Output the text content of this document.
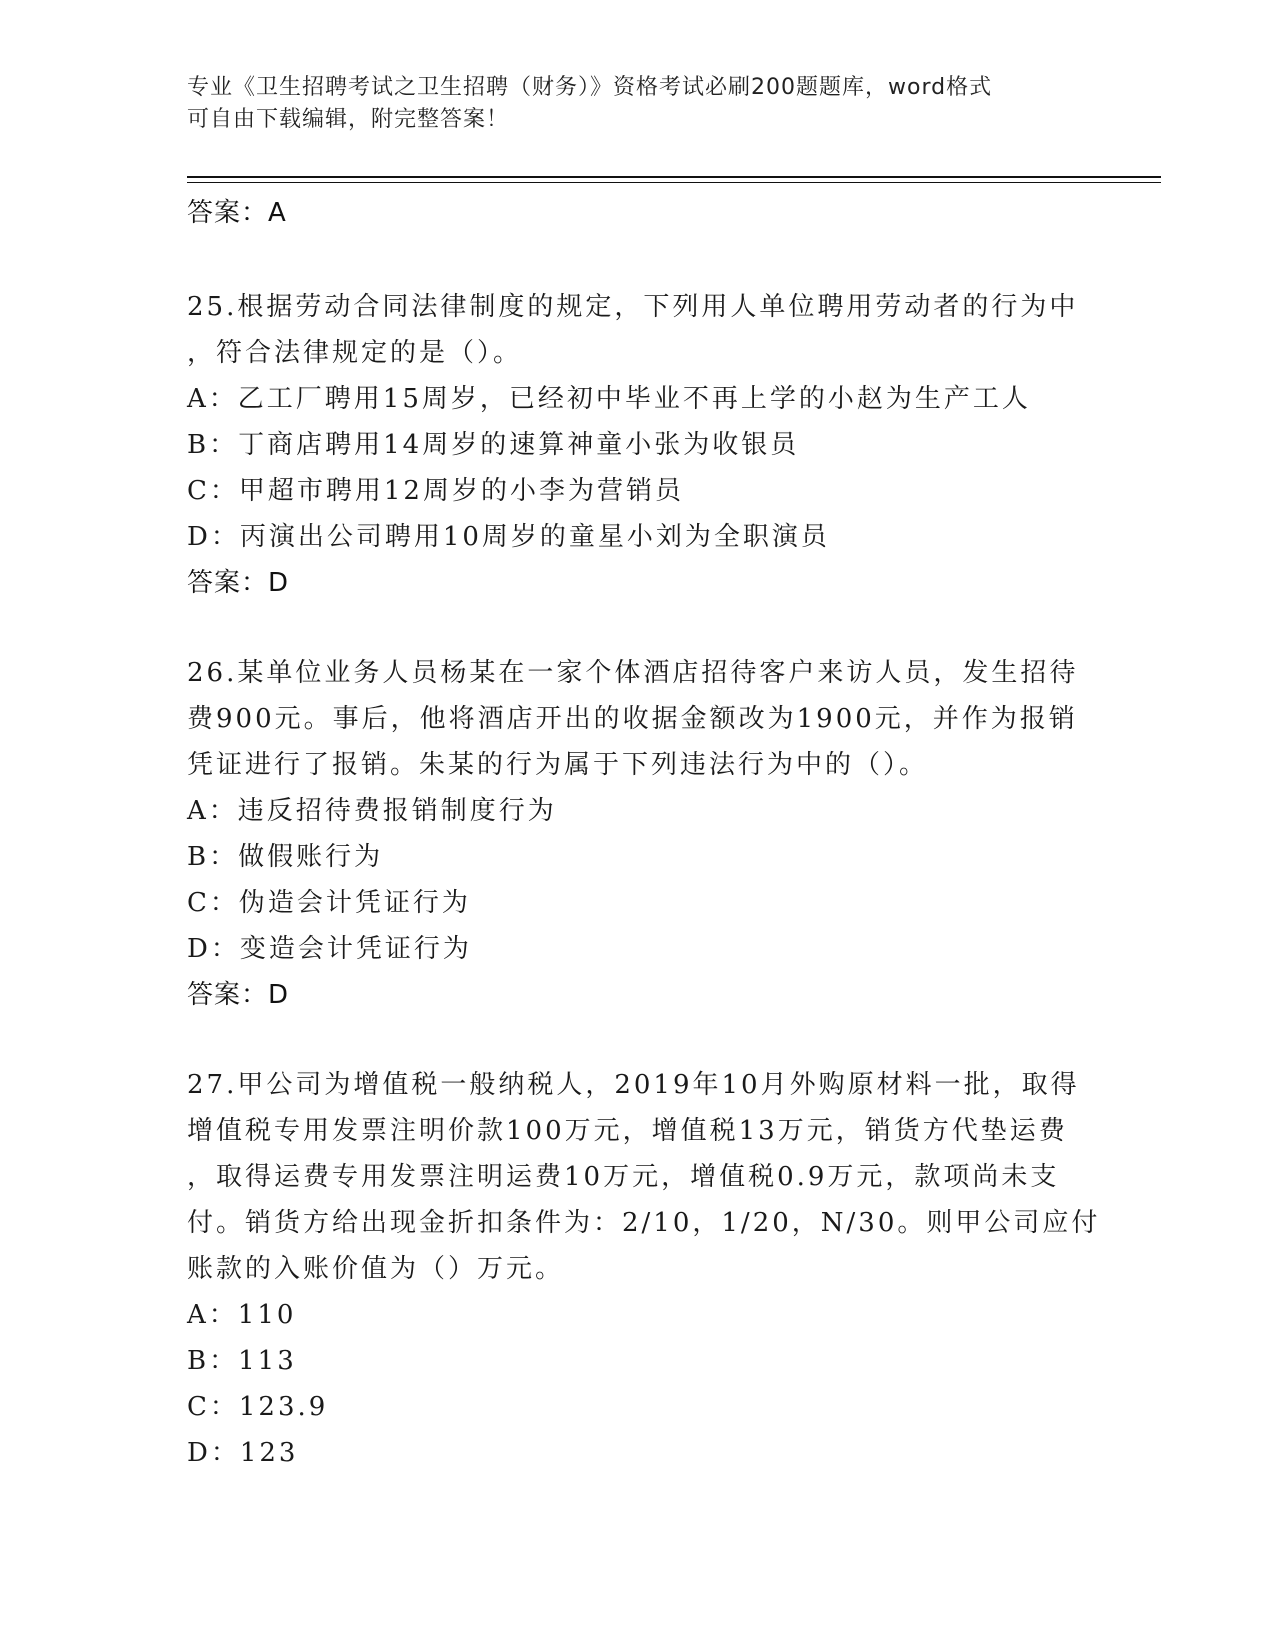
专业《卫生招聘考试之卫生招聘（财务）》资格考试必刷200题题库，word格式
可自由下载编辑，附完整答案！
答案：A
25.根据劳动合同法律制度的规定，下列用人单位聘用劳动者的行为中
，符合法律规定的是（）。
A：乙工厂聘用15周岁，已经初中毕业不再上学的小赵为生产工人
B：丁商店聘用14周岁的速算神童小张为收银员
C：甲超市聘用12周岁的小李为营销员
D：丙演出公司聘用10周岁的童星小刘为全职演员
答案：D
26.某单位业务人员杨某在一家个体酒店招待客户来访人员，发生招待
费900元。事后，他将酒店开出的收据金额改为1900元，并作为报销
凭证进行了报销。朱某的行为属于下列违法行为中的（）。
A：违反招待费报销制度行为
B：做假账行为
C：伪造会计凭证行为
D：变造会计凭证行为
答案：D
27.甲公司为增值税一般纳税人，2019年10月外购原材料一批，取得
增值税专用发票注明价款100万元，增值税13万元，销货方代垫运费
，取得运费专用发票注明运费10万元，增值税0.9万元，款项尚未支
付。销货方给出现金折扣条件为：2/10，1/20，N/30。则甲公司应付
账款的入账价值为（）万元。
A：110
B：113
C：123.9
D：123
